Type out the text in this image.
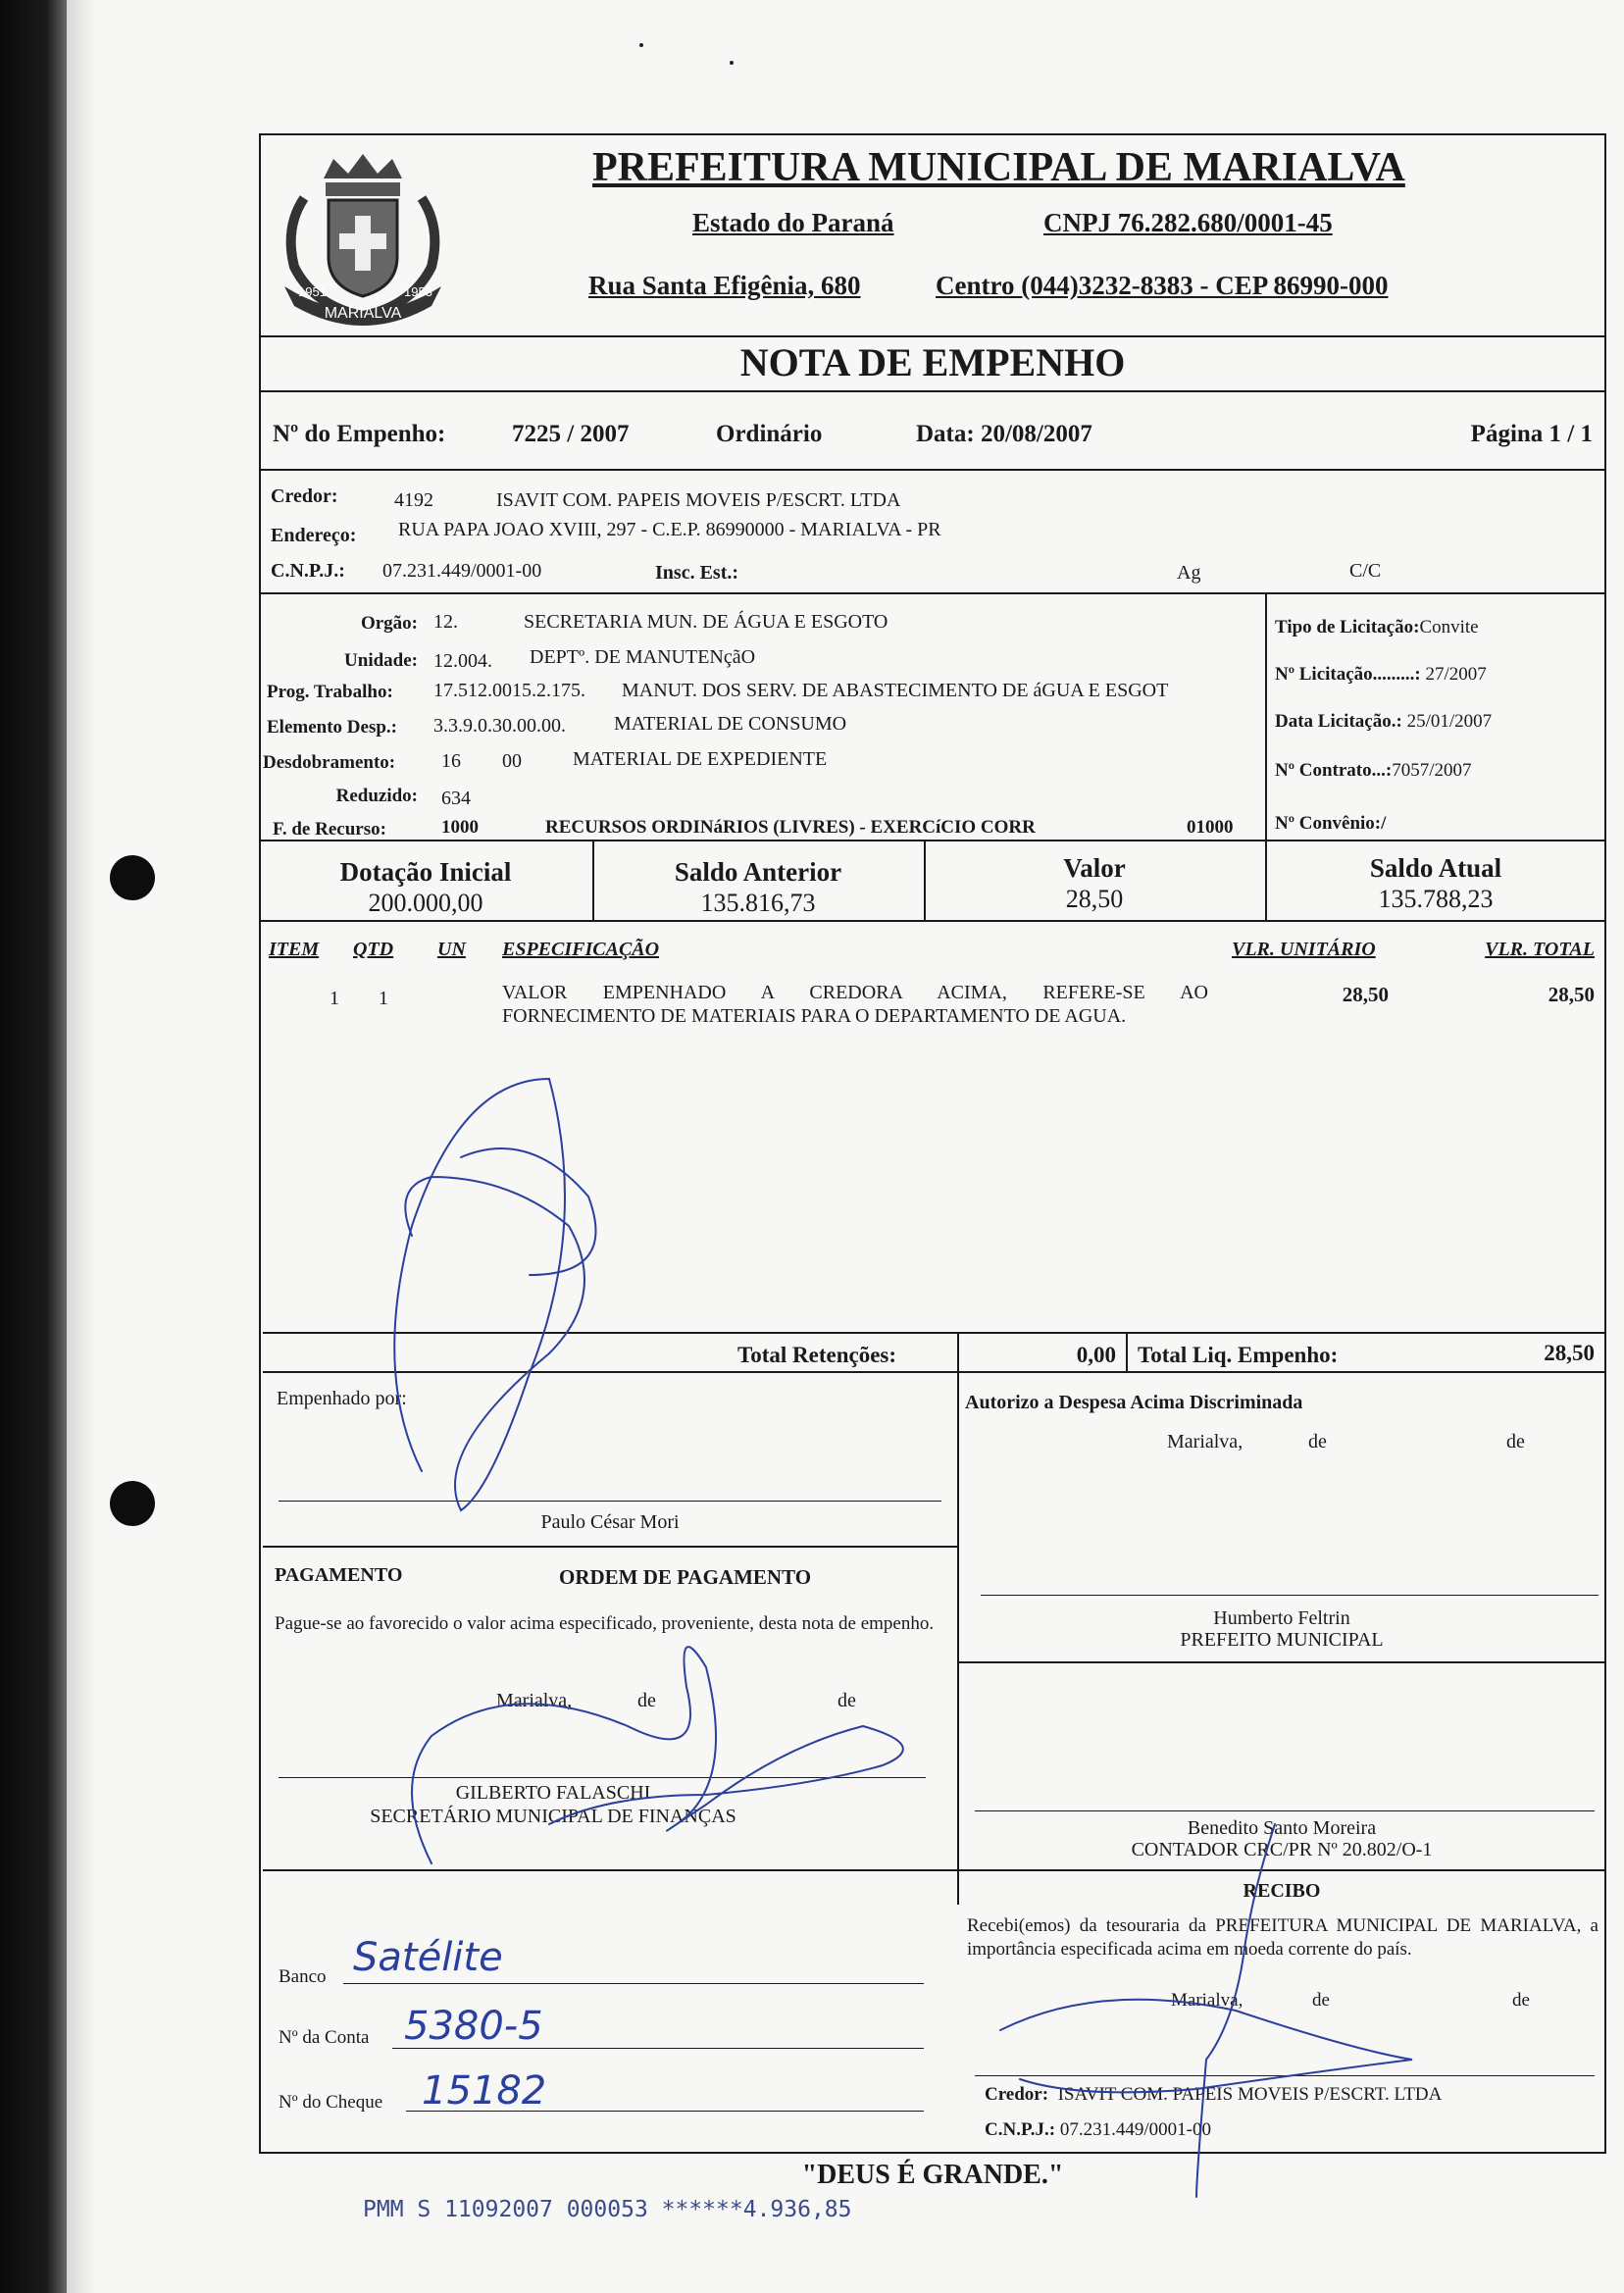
MARIALVA
1951	1953
PREFEITURA MUNICIPAL DE MARIALVA
Estado do Paraná	CNPJ 76.282.680/0001-45
Rua Santa Efigênia, 680	Centro (044)3232-8383 - CEP 86990-000
NOTA DE EMPENHO
Nº do Empenho:	7225 / 2007	Ordinário	Data: 20/08/2007	Página 1 / 1
Credor:	4192	ISAVIT COM. PAPEIS MOVEIS P/ESCRT. LTDA
Endereço: RUA PAPA JOAO XVIII, 297 - C.E.P. 86990000 - MARIALVA - PR
C.N.P.J.: 07.231.449/0001-00	Insc. Est.:	Ag	C/C
Orgão: 12.	SECRETARIA MUN. DE ÁGUA E ESGOTO
Unidade: 12.004. DEPTº. DE MANUTENçãO
Prog. Trabalho: 17.512.0015.2.175. MANUT. DOS SERV. DE ABASTECIMENTO DE áGUA E ESGOT
Elemento Desp.: 3.3.9.0.30.00.00. MATERIAL DE CONSUMO
Desdobramento: 16 00	MATERIAL DE EXPEDIENTE
Reduzido: 634
F. de Recurso:	1000	RECURSOS ORDINáRIOS (LIVRES) - EXERCíCIO CORR	01000
Tipo de Licitação:Convite
Nº Licitação.........: 27/2007
Data Licitação.: 25/01/2007
Nº Contrato...:7057/2007
Nº Convênio:/
Dotação Inicial
200.000,00
Saldo Anterior
135.816,73
Valor
28,50
Saldo Atual
135.788,23
ITEM QTD UN ESPECIFICAÇÃO	VLR. UNITÁRIO	VLR. TOTAL
1 1	VALOR EMPENHADO A CREDORA ACIMA, REFERE-SE AO
FORNECIMENTO DE MATERIAIS PARA O DEPARTAMENTO DE AGUA.
28,50	28,50
Total Retenções:	0,00 Total Liq. Empenho:	28,50
Empenhado por:
Paulo César Mori
Autorizo a Despesa Acima Discriminada
Marialva,	de	de
Humberto Feltrin
PREFEITO MUNICIPAL
Benedito Santo Moreira
CONTADOR CRC/PR Nº 20.802/O-1
PAGAMENTO	ORDEM DE PAGAMENTO
Pague-se ao favorecido o valor acima especificado, proveniente, desta nota de empenho.
Marialva,	de	de
GILBERTO FALASCHI
SECRETÁRIO MUNICIPAL DE FINANÇAS
Banco Satélite
Nº da Conta 5380-5
Nº do Cheque 15182
RECIBO
Recebi(emos) da tesouraria da PREFEITURA MUNICIPAL DE MARIALVA, a importância especificada acima em moeda corrente do país.
Marialva,	de	de
Credor: ISAVIT COM. PAPEIS MOVEIS P/ESCRT. LTDA
C.N.P.J.: 07.231.449/0001-00
"DEUS É GRANDE."
PMM S 11092007 000053 ******4.936,85
